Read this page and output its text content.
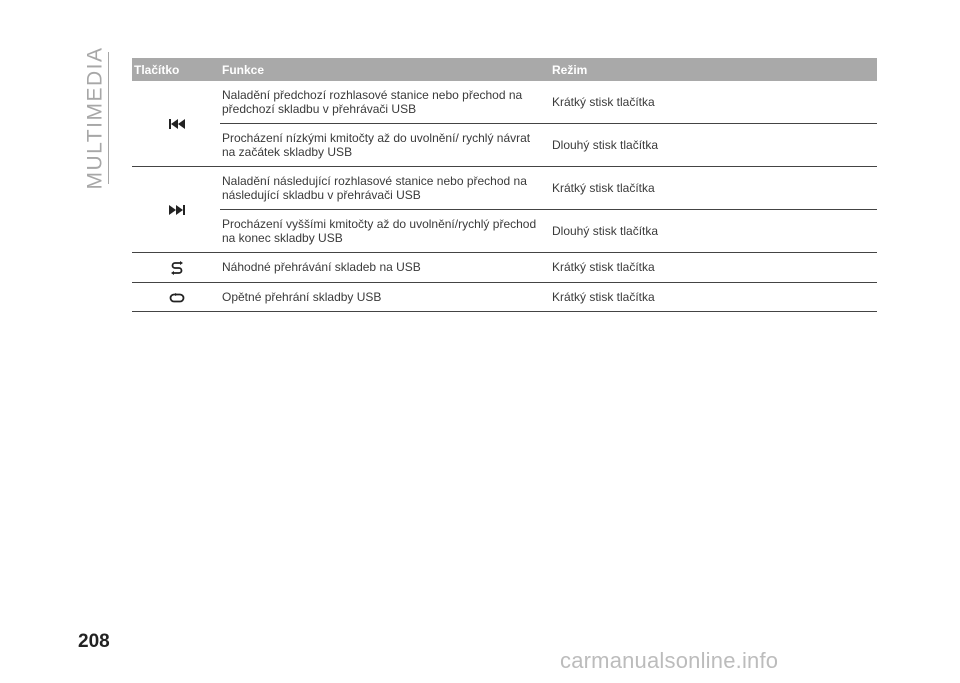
MULTIMEDIA Tlačítko	Funkce	Režim
	Naladění předchozí rozhlasové stanice nebo přechod na předchozí skladbu v přehrávači USB	Krátký stisk tlačítka
	Procházení nízkými kmitočty až do uvolnění/ rychlý návrat na začátek skladby USB	Dlouhý stisk tlačítka
	Naladění následující rozhlasové stanice nebo přechod na následující skladbu v přehrávači USB	Krátký stisk tlačítka
	Procházení vyššími kmitočty až do uvolnění/rychlý přechod na konec skladby USB	Dlouhý stisk tlačítka
	Náhodné přehrávání skladeb na USB	Krátký stisk tlačítka
	Opětné přehrání skladby USB	Krátký stisk tlačítka
208
carmanualsonline.info
